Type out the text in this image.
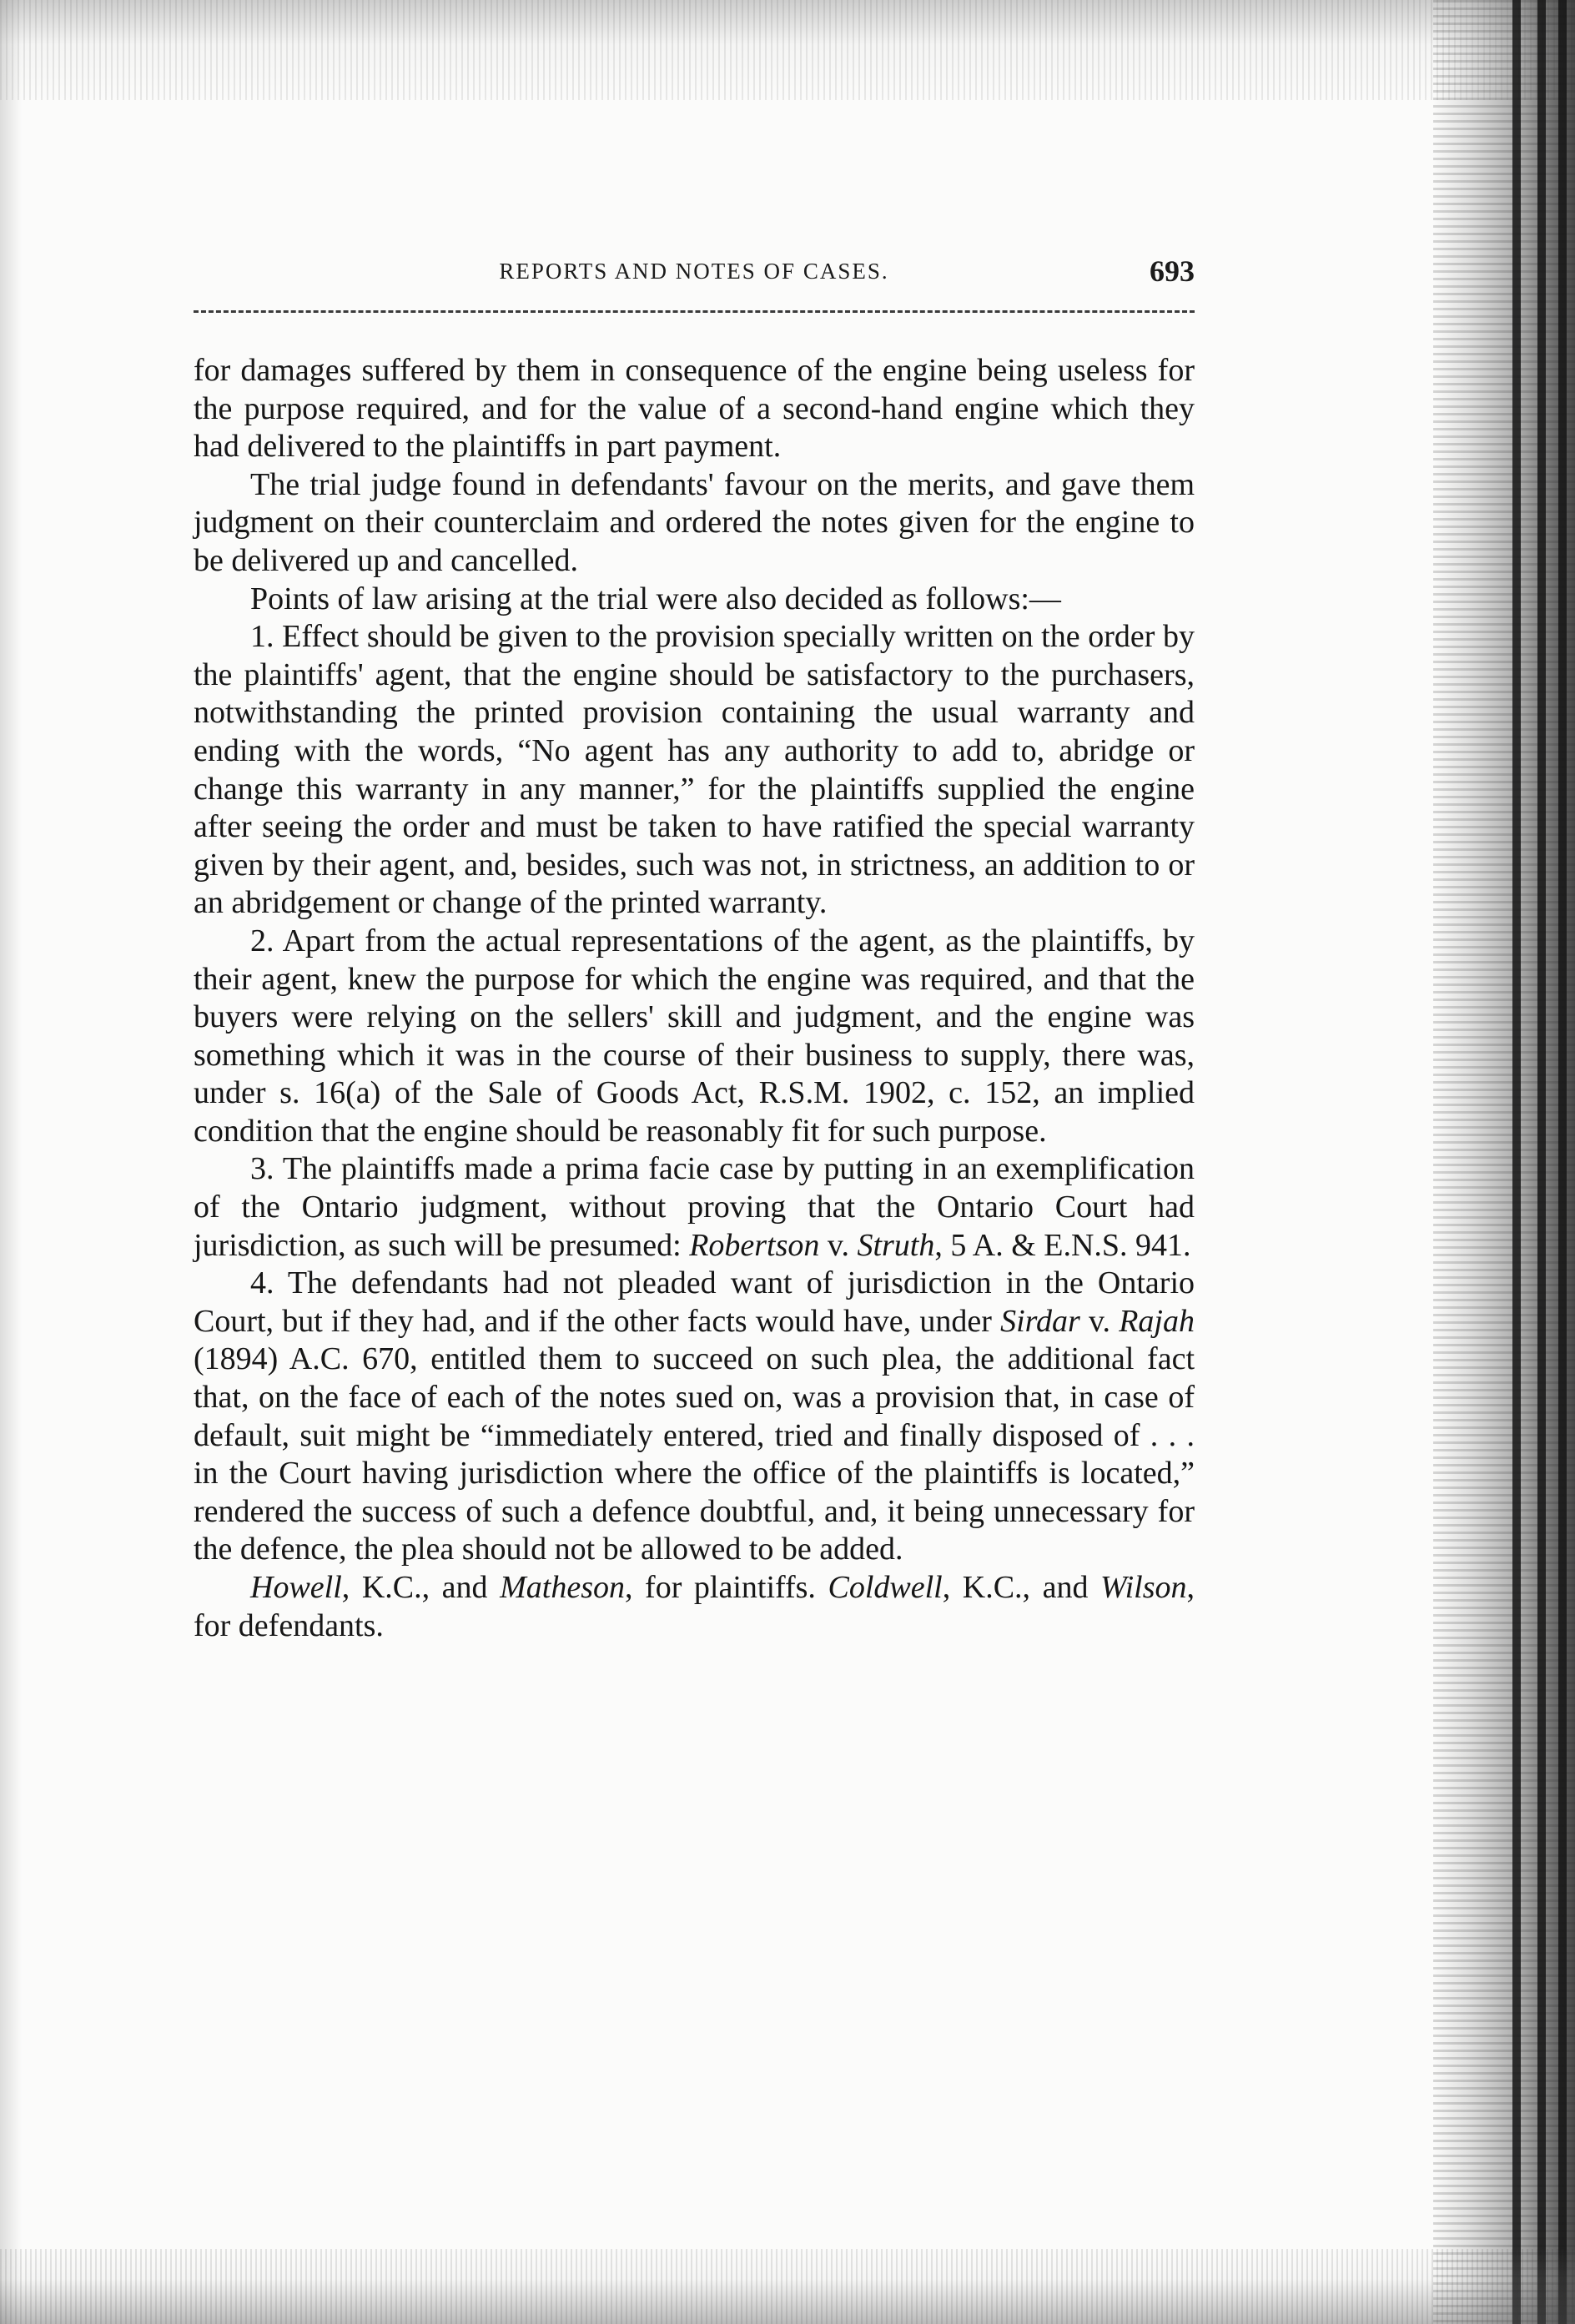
REPORTS AND NOTES OF CASES.	693

for damages suffered by them in consequence of the engine being useless for the purpose required, and for the value of a second-hand engine which they had delivered to the plaintiffs in part payment.

The trial judge found in defendants' favour on the merits, and gave them judgment on their counterclaim and ordered the notes given for the engine to be delivered up and cancelled.

Points of law arising at the trial were also decided as follows:—

1. Effect should be given to the provision specially written on the order by the plaintiffs' agent, that the engine should be satisfactory to the purchasers, notwithstanding the printed provision containing the usual warranty and ending with the words, “No agent has any authority to add to, abridge or change this warranty in any manner,” for the plaintiffs supplied the engine after seeing the order and must be taken to have ratified the special warranty given by their agent, and, besides, such was not, in strictness, an addition to or an abridgement or change of the printed warranty.

2. Apart from the actual representations of the agent, as the plaintiffs, by their agent, knew the purpose for which the engine was required, and that the buyers were relying on the sellers' skill and judgment, and the engine was something which it was in the course of their business to supply, there was, under s. 16(a) of the Sale of Goods Act, R.S.M. 1902, c. 152, an implied condition that the engine should be reasonably fit for such purpose.

3. The plaintiffs made a prima facie case by putting in an exemplification of the Ontario judgment, without proving that the Ontario Court had jurisdiction, as such will be presumed: Robertson v. Struth, 5 A. & E.N.S. 941.

4. The defendants had not pleaded want of jurisdiction in the Ontario Court, but if they had, and if the other facts would have, under Sirdar v. Rajah (1894) A.C. 670, entitled them to succeed on such plea, the additional fact that, on the face of each of the notes sued on, was a provision that, in case of default, suit might be “immediately entered, tried and finally disposed of . . . in the Court having jurisdiction where the office of the plaintiffs is located,” rendered the success of such a defence doubtful, and, it being unnecessary for the defence, the plea should not be allowed to be added.

Howell, K.C., and Matheson, for plaintiffs. Coldwell, K.C., and Wilson, for defendants.
